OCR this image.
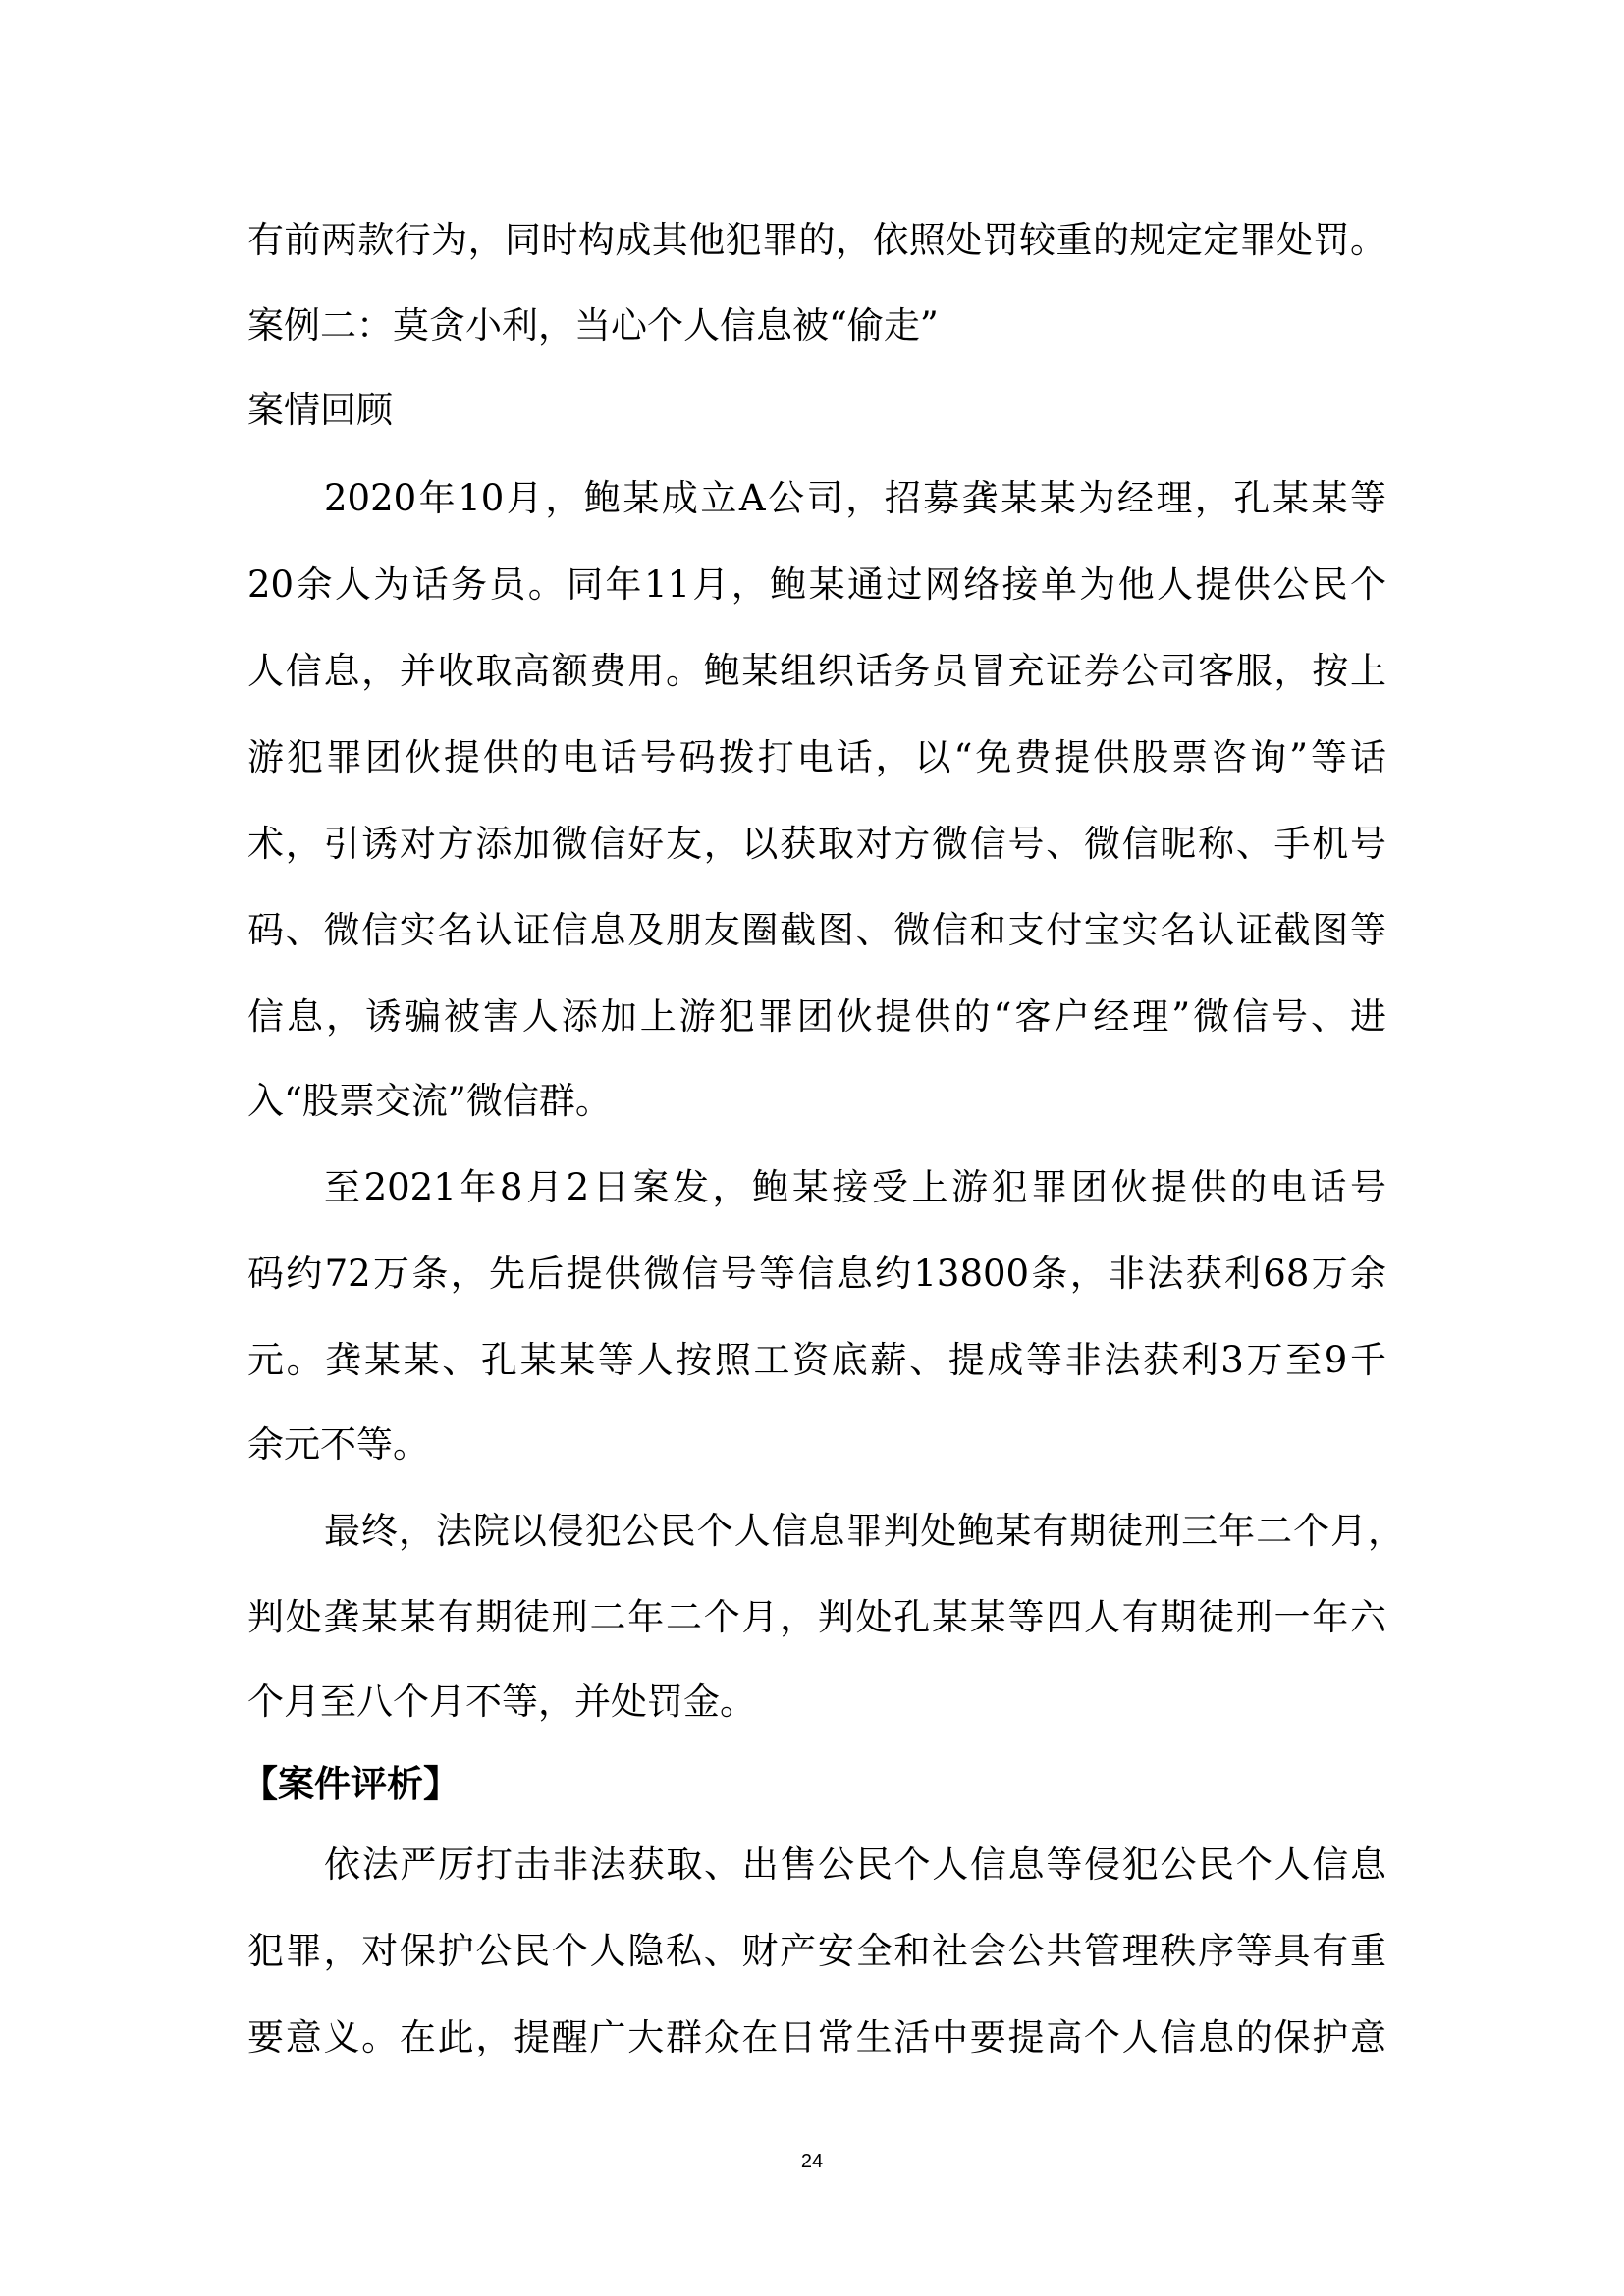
有前两款行为，同时构成其他犯罪的，依照处罚较重的规定定罪处罚。
案例二：莫贪小利，当心个人信息被“偷走”
案情回顾
2020年10月，鲍某成立A公司，招募龚某某为经理，孔某某等
20余人为话务员。同年11月，鲍某通过网络接单为他人提供公民个
人信息，并收取高额费用。鲍某组织话务员冒充证券公司客服，按上
游犯罪团伙提供的电话号码拨打电话，以“免费提供股票咨询”等话
术，引诱对方添加微信好友，以获取对方微信号、微信昵称、手机号
码、微信实名认证信息及朋友圈截图、微信和支付宝实名认证截图等
信息，诱骗被害人添加上游犯罪团伙提供的“客户经理”微信号、进
入“股票交流”微信群。
至2021年8月2日案发，鲍某接受上游犯罪团伙提供的电话号
码约72万条，先后提供微信号等信息约13800条，非法获利68万余
元。龚某某、孔某某等人按照工资底薪、提成等非法获利3万至9千
余元不等。
最终，法院以侵犯公民个人信息罪判处鲍某有期徒刑三年二个月，
判处龚某某有期徒刑二年二个月，判处孔某某等四人有期徒刑一年六
个月至八个月不等，并处罚金。
【案件评析】
依法严厉打击非法获取、出售公民个人信息等侵犯公民个人信息
犯罪，对保护公民个人隐私、财产安全和社会公共管理秩序等具有重
要意义。在此，提醒广大群众在日常生活中要提高个人信息的保护意
24
